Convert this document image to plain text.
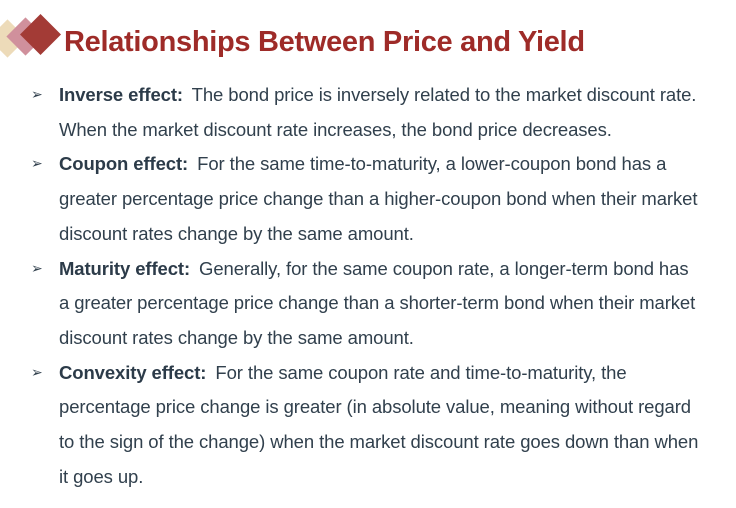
Relationships Between Price and Yield
➢ Inverse effect: The bond price is inversely related to the market discount rate. When the market discount rate increases, the bond price decreases.
➢ Coupon effect: For the same time-to-maturity, a lower-coupon bond has a greater percentage price change than a higher-coupon bond when their market discount rates change by the same amount.
➢ Maturity effect: Generally, for the same coupon rate, a longer-term bond has a greater percentage price change than a shorter-term bond when their market discount rates change by the same amount.
➢ Convexity effect: For the same coupon rate and time-to-maturity, the percentage price change is greater (in absolute value, meaning without regard to the sign of the change) when the market discount rate goes down than when it goes up.
